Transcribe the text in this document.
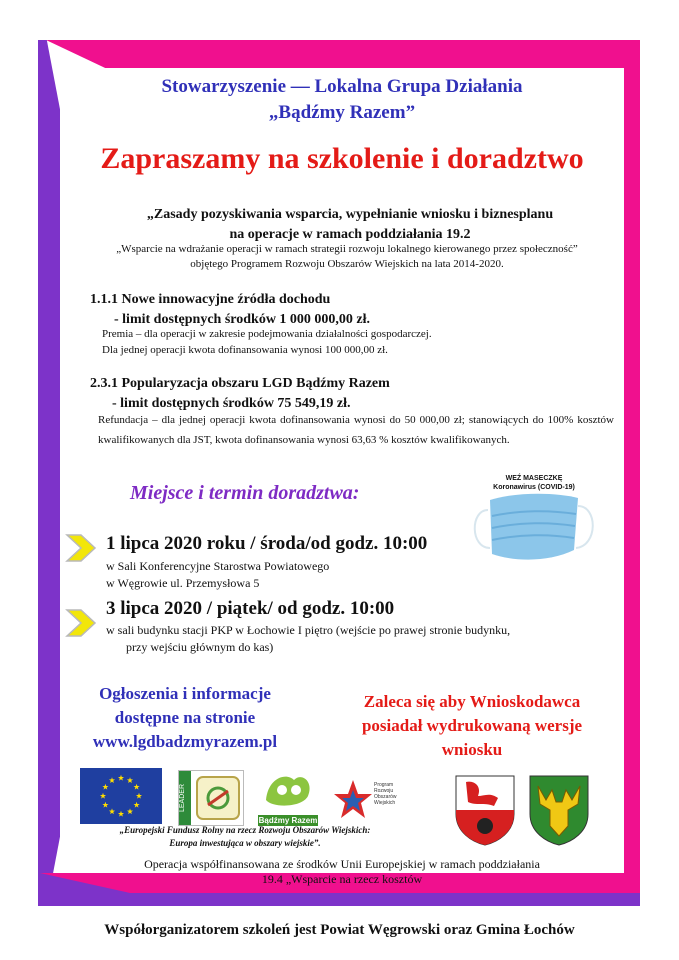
Stowarzyszenie — Lokalna Grupa Działania

„Bądźmy Razem”

Zapraszamy na szkolenie i doradztwo

„Zasady pozyskiwania wsparcia, wypełnianie wniosku i biznesplanu
na operacje w ramach poddziałania 19.2
„Wsparcie na wdrażanie operacji w ramach strategii rozwoju lokalnego kierowanego przez społeczność”
objętego Programem Rozwoju Obszarów Wiejskich na lata 2014-2020.
1.1.1 Nowe innowacyjne źródła dochodu
- limit dostępnych środków 1 000 000,00 zł.
Premia – dla operacji w zakresie podejmowania działalności gospodarczej.
Dla jednej operacji kwota dofinansowania wynosi 100 000,00 zł.
2.3.1 Popularyzacja obszaru LGD Bądźmy Razem
- limit dostępnych środków 75 549,19 zł.
Refundacja – dla jednej operacji kwota dofinansowania wynosi do 50 000,00 zł; stanowiących do 100% kosztów kwalifikowanych dla JST, kwota dofinansowania wynosi 63,63 % kosztów kwalifikowanych.

Miejsce i termin doradztwa:

WEŹ MASECZKĘ
Koronawirus (COVID-19)

1 lipca 2020 roku / środa/od godz. 10:00

w Sali Konferencyjne Starostwa Powiatowego
w Węgrowie ul. Przemysłowa 5

3 lipca 2020 / piątek/ od godz. 10:00

w sali budynku stacji PKP w Łochowie I piętro (wejście po prawej stronie budynku,
przy wejściu głównym do kas)
Ogłoszenia i informacje
dostępne na stronie
www.lgdbadzmyrazem.pl
Zaleca się aby Wnioskodawca
posiadał wydrukowaną wersje
wniosku
LEADER
Bądźmy Razem
Program
Rozwoju
Obszarów
Wiejskich
„Europejski Fundusz Rolny na rzecz Rozwoju Obszarów Wiejskich:
Europa inwestująca w obszary wiejskie”.
Operacja współfinansowana ze środków Unii Europejskiej w ramach poddziałania
19.4 „Wsparcie na rzecz kosztów
Współorganizatorem szkoleń jest Powiat Węgrowski oraz Gmina Łochów
